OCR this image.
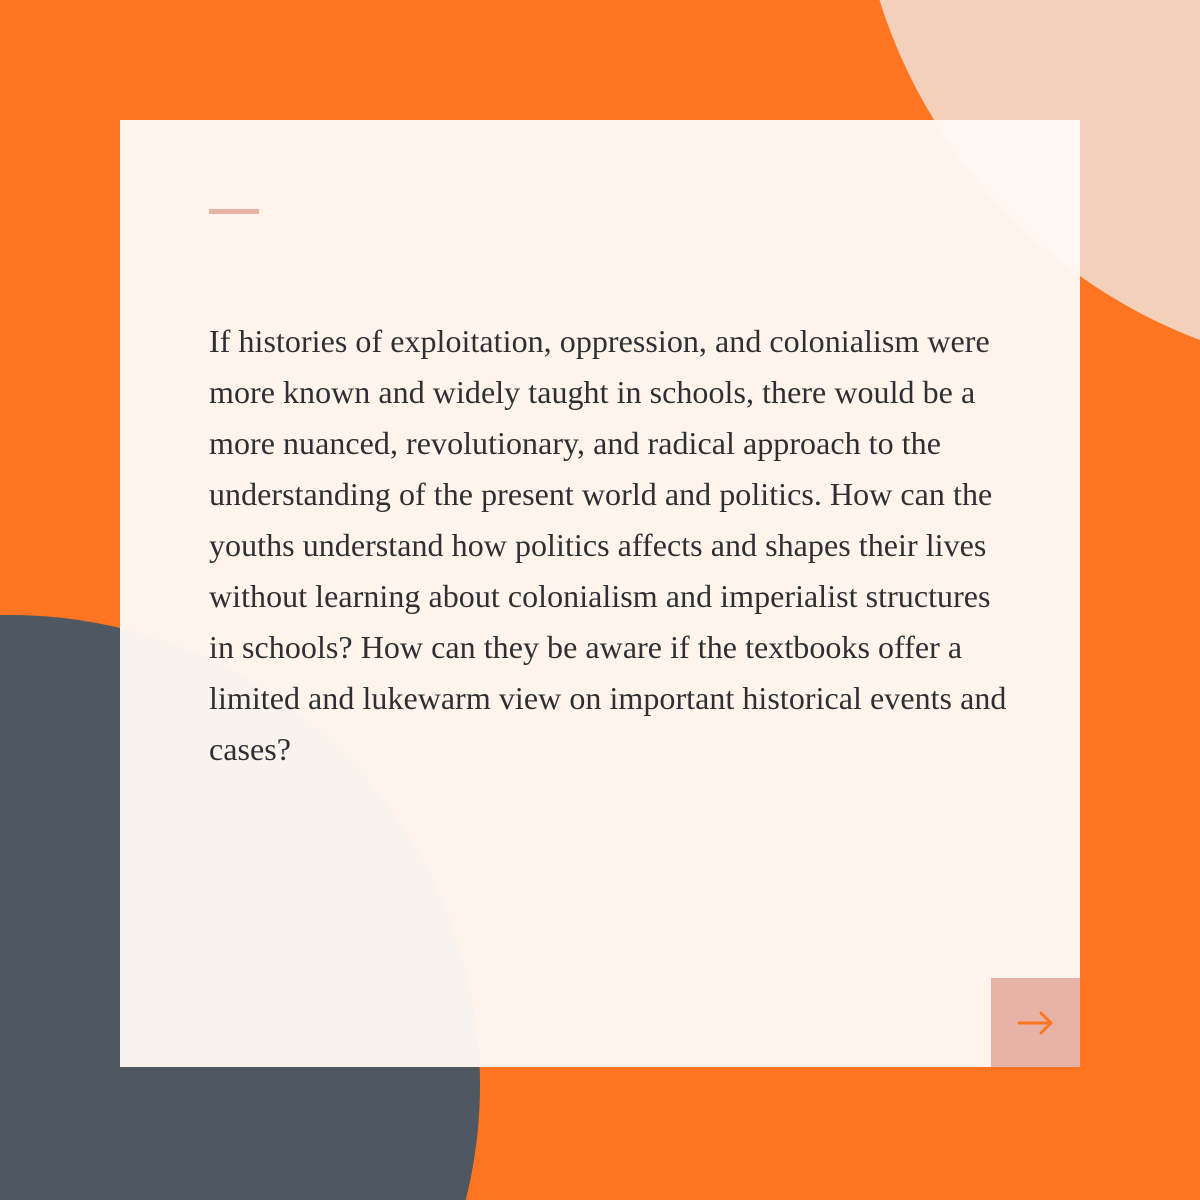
If histories of exploitation, oppression, and colonialism were more known and widely taught in schools, there would be a more nuanced, revolutionary, and radical approach to the understanding of the present world and politics. How can the youths understand how politics affects and shapes their lives without learning about colonialism and imperialist structures in schools? How can they be aware if the textbooks offer a limited and lukewarm view on important historical events and cases?
